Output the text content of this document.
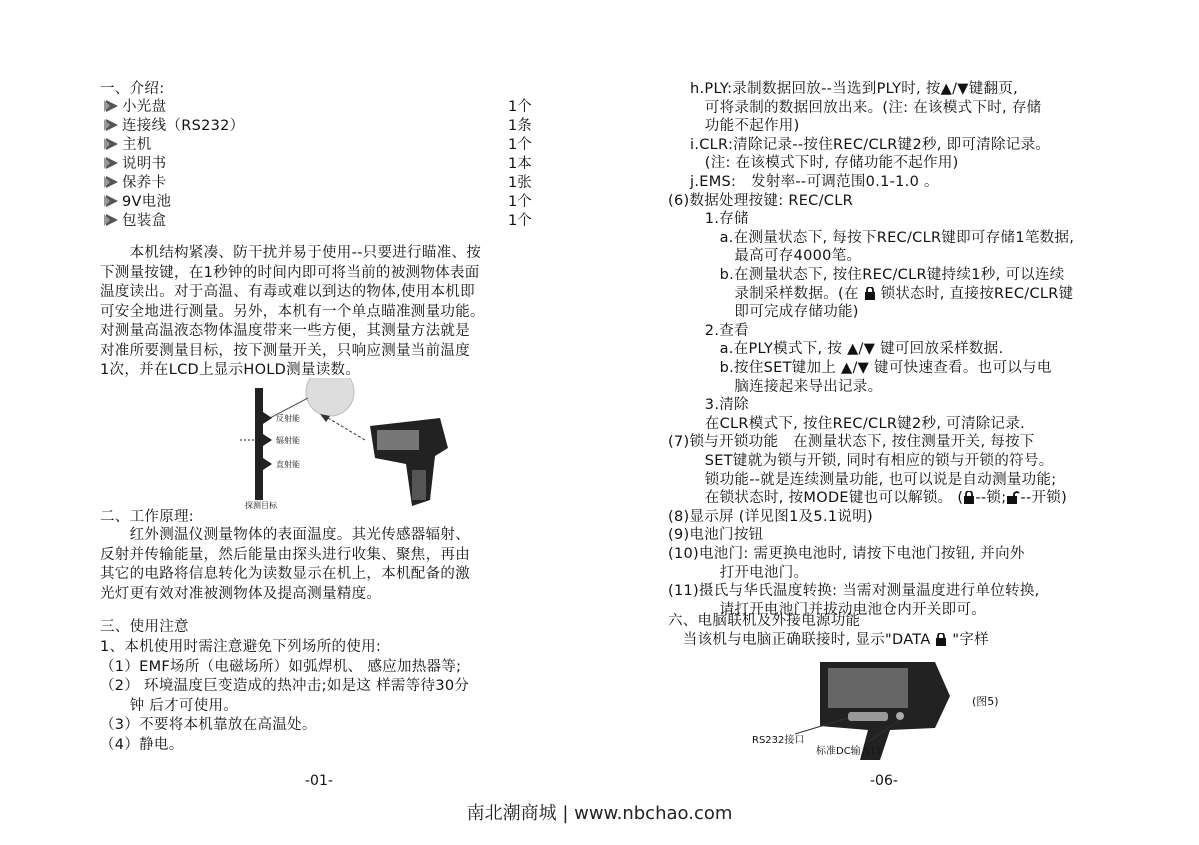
一、介绍:
小光盘	1个
连接线（RS232）	1条
主机	1个
说明书	1本
保养卡	1张
9V电池	1个
包装盒	1个
　　本机结构紧凑、防干扰并易于使用--只要进行瞄准、按
下测量按键，在1秒钟的时间内即可将当前的被测物体表面
温度读出。对于高温、有毒或难以到达的物体,使用本机即
可安全地进行测量。另外，本机有一个单点瞄准测量功能。
对测量高温液态物体温度带来一些方便，其测量方法就是
对准所要测量目标，按下测量开关，只响应测量当前温度
1次，并在LCD上显示HOLD测量读数。
反射能
辐射能
直射能
探测目标
二、工作原理:
　　红外测温仪测量物体的表面温度。其光传感器辐射、
反射并传输能量，然后能量由探头进行收集、聚焦，再由
其它的电路将信息转化为读数显示在机上，本机配备的激
光灯更有效对准被测物体及提高测量精度。
三、使用注意
1、本机使用时需注意避免下列场所的使用:
（1）EMF场所（电磁场所）如弧焊机、 感应加热器等;
（2） 环境温度巨变造成的热冲击;如是这 样需等待30分
　　钟 后才可使用。
（3）不要将本机靠放在高温处。
（4）静电。
-01-
h.PLY:录制数据回放--当选到PLY时, 按▲/▼键翻页,
　可将录制的数据回放出来。(注: 在该模式下时, 存储
　功能不起作用)
i.CLR:清除记录--按住REC/CLR键2秒, 即可清除记录。
　(注: 在该模式下时, 存储功能不起作用)
j.EMS:　发射率--可调范围0.1-1.0 。
(6)数据处理按键: REC/CLR
　1.存储
　　a.在测量状态下, 每按下REC/CLR键即可存储1笔数据,
　　　最高可存4000笔。
　　b.在测量状态下, 按住REC/CLR键持续1秒, 可以连续
　　　录制采样数据。(在  锁状态时, 直接按REC/CLR键
　　　即可完成存储功能)
　2.查看
　　a.在PLY模式下, 按 ▲/▼ 键可回放采样数据.
　　b.按住SET键加上 ▲/▼ 键可快速查看。也可以与电
　　　脑连接起来导出记录。
　3.清除
　在CLR模式下, 按住REC/CLR键2秒, 可清除记录.
(7)锁与开锁功能　在测量状态下, 按住测量开关, 每按下
　SET键就为锁与开锁, 同时有相应的锁与开锁的符号。
　锁功能--就是连续测量功能, 也可以说是自动测量功能;
　在锁状态时, 按MODE键也可以解锁。 ( --锁; --开锁)
(8)显示屏 (详见图1及5.1说明)
(9)电池门按钮
(10)电池门: 需更换电池时, 请按下电池门按钮, 并向外
　　打开电池门。
(11)摄氏与华氏温度转换: 当需对测量温度进行单位转换,
　　请打开电池门并拔动电池仓内开关即可。
六、电脑联机及外接电源功能
　当该机与电脑正确联接时, 显示"DATA  "字样
RS232接口
标准DC输入口
(图5)
-06-
南北潮商城 | www.nbchao.com
